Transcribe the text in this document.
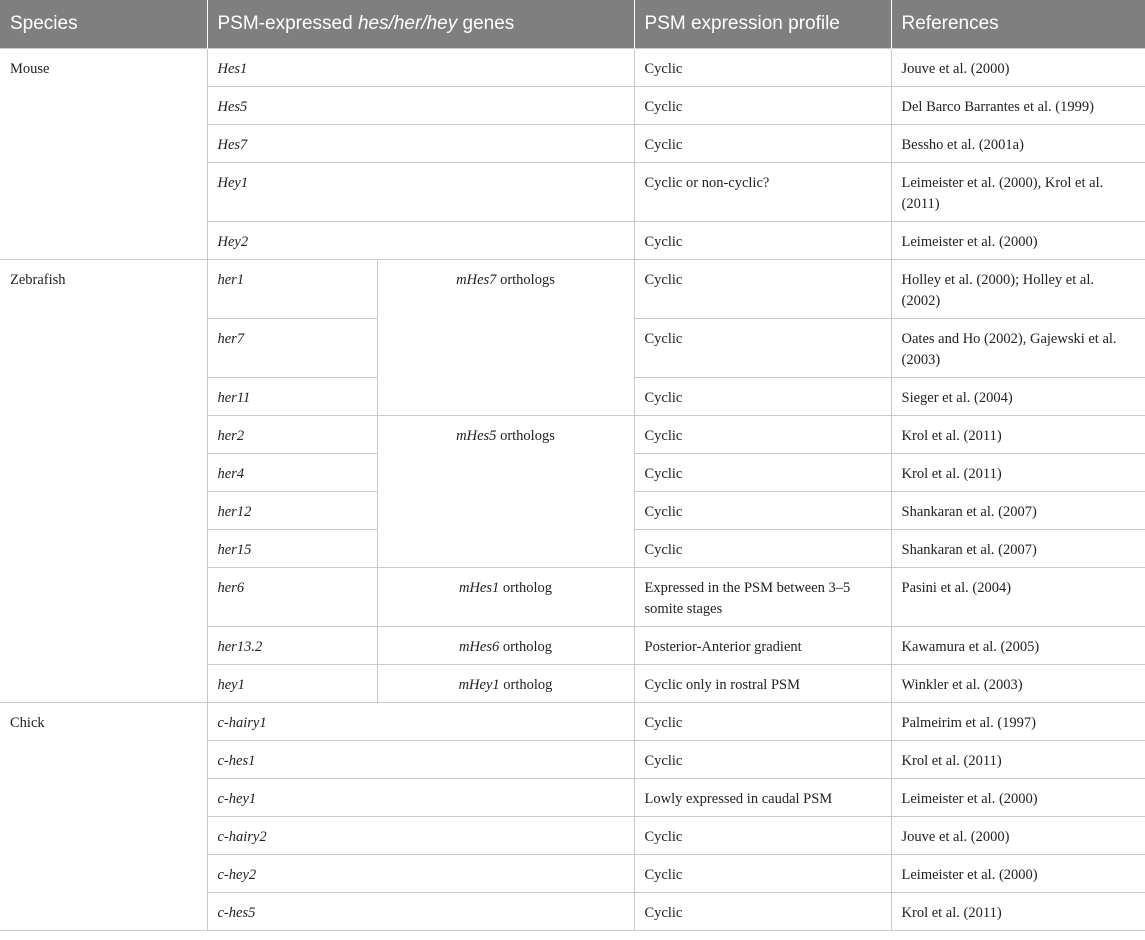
Species	PSM-expressed hes/her/hey genes		PSM expression profile	References
Mouse	Hes1		Cyclic	Jouve et al. (2000)
	Hes5		Cyclic	Del Barco Barrantes et al. (1999)
	Hes7		Cyclic	Bessho et al. (2001a)
	Hey1		Cyclic or non-cyclic?	Leimeister et al. (2000), Krol et al. (2011)
	Hey2		Cyclic	Leimeister et al. (2000)
Zebrafish	her1	mHes7 orthologs	Cyclic	Holley et al. (2000); Holley et al. (2002)
	her7		Cyclic	Oates and Ho (2002), Gajewski et al. (2003)
	her11		Cyclic	Sieger et al. (2004)
	her2	mHes5 orthologs	Cyclic	Krol et al. (2011)
	her4		Cyclic	Krol et al. (2011)
	her12		Cyclic	Shankaran et al. (2007)
	her15		Cyclic	Shankaran et al. (2007)
	her6	mHes1 ortholog	Expressed in the PSM between 3–5 somite stages	Pasini et al. (2004)
	her13.2	mHes6 ortholog	Posterior-Anterior gradient	Kawamura et al. (2005)
	hey1	mHey1 ortholog	Cyclic only in rostral PSM	Winkler et al. (2003)
Chick	c-hairy1		Cyclic	Palmeirim et al. (1997)
	c-hes1		Cyclic	Krol et al. (2011)
	c-hey1		Lowly expressed in caudal PSM	Leimeister et al. (2000)
	c-hairy2		Cyclic	Jouve et al. (2000)
	c-hey2		Cyclic	Leimeister et al. (2000)
	c-hes5		Cyclic	Krol et al. (2011)
